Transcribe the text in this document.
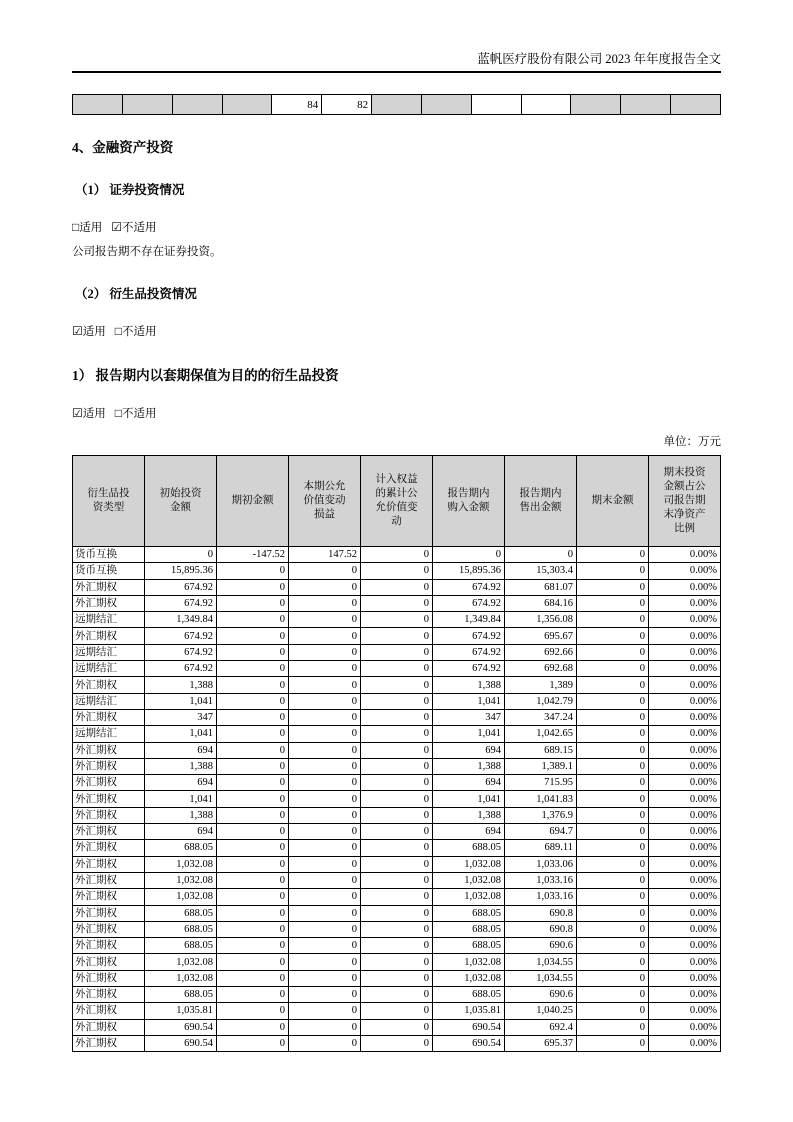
蓝帆医疗股份有限公司 2023 年年度报告全文
				84	82							
4、金融资产投资
（1） 证券投资情况
□适用 ☑不适用
公司报告期不存在证券投资。
（2） 衍生品投资情况
☑适用 □不适用
1） 报告期内以套期保值为目的的衍生品投资
☑适用 □不适用
单位：万元
衍生品投资类型	初始投资金额	期初金额	本期公允价值变动损益	计入权益的累计公允价值变动	报告期内购入金额	报告期内售出金额	期末金额	期末投资金额占公司报告期末净资产比例
货币互换	0	-147.52	147.52	0	0	0	0	0.00%
货币互换	15,895.36	0	0	0	15,895.36	15,303.4	0	0.00%
外汇期权	674.92	0	0	0	674.92	681.07	0	0.00%
外汇期权	674.92	0	0	0	674.92	684.16	0	0.00%
远期结汇	1,349.84	0	0	0	1,349.84	1,356.08	0	0.00%
外汇期权	674.92	0	0	0	674.92	695.67	0	0.00%
远期结汇	674.92	0	0	0	674.92	692.66	0	0.00%
远期结汇	674.92	0	0	0	674.92	692.68	0	0.00%
外汇期权	1,388	0	0	0	1,388	1,389	0	0.00%
远期结汇	1,041	0	0	0	1,041	1,042.79	0	0.00%
外汇期权	347	0	0	0	347	347.24	0	0.00%
远期结汇	1,041	0	0	0	1,041	1,042.65	0	0.00%
外汇期权	694	0	0	0	694	689.15	0	0.00%
外汇期权	1,388	0	0	0	1,388	1,389.1	0	0.00%
外汇期权	694	0	0	0	694	715.95	0	0.00%
外汇期权	1,041	0	0	0	1,041	1,041.83	0	0.00%
外汇期权	1,388	0	0	0	1,388	1,376.9	0	0.00%
外汇期权	694	0	0	0	694	694.7	0	0.00%
外汇期权	688.05	0	0	0	688.05	689.11	0	0.00%
外汇期权	1,032.08	0	0	0	1,032.08	1,033.06	0	0.00%
外汇期权	1,032.08	0	0	0	1,032.08	1,033.16	0	0.00%
外汇期权	1,032.08	0	0	0	1,032.08	1,033.16	0	0.00%
外汇期权	688.05	0	0	0	688.05	690.8	0	0.00%
外汇期权	688.05	0	0	0	688.05	690.8	0	0.00%
外汇期权	688.05	0	0	0	688.05	690.6	0	0.00%
外汇期权	1,032.08	0	0	0	1,032.08	1,034.55	0	0.00%
外汇期权	1,032.08	0	0	0	1,032.08	1,034.55	0	0.00%
外汇期权	688.05	0	0	0	688.05	690.6	0	0.00%
外汇期权	1,035.81	0	0	0	1,035.81	1,040.25	0	0.00%
外汇期权	690.54	0	0	0	690.54	692.4	0	0.00%
外汇期权	690.54	0	0	0	690.54	695.37	0	0.00%
